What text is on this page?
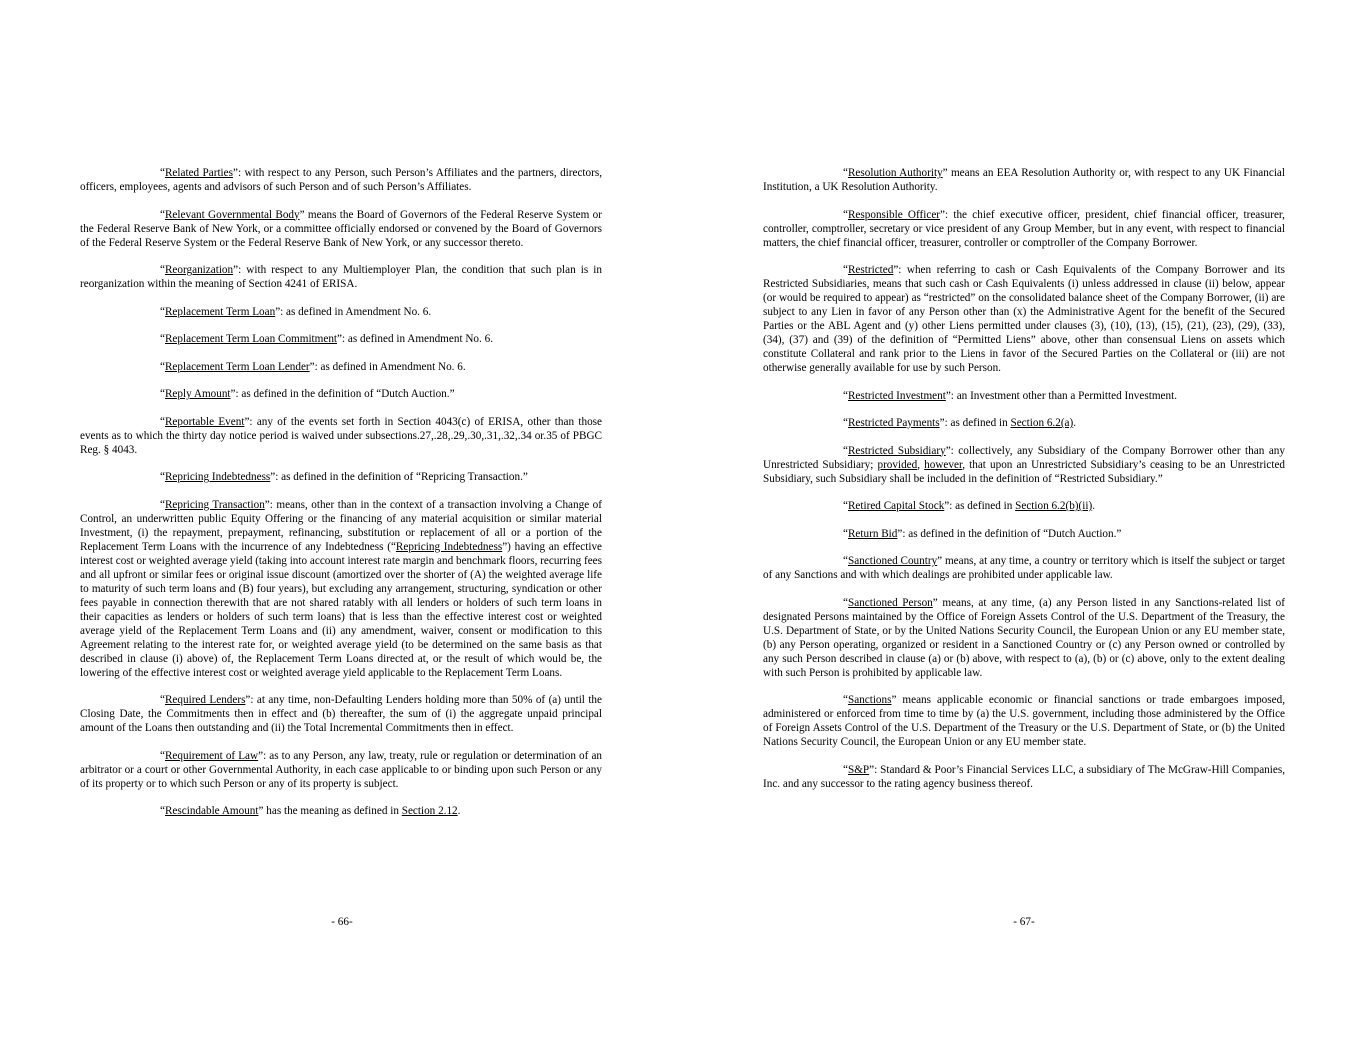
“Related Parties”: with respect to any Person, such Person’s Affiliates and the partners, directors, officers, employees, agents and advisors of such Person and of such Person’s Affiliates.

“Relevant Governmental Body” means the Board of Governors of the Federal Reserve System or the Federal Reserve Bank of New York, or a committee officially endorsed or convened by the Board of Governors of the Federal Reserve System or the Federal Reserve Bank of New York, or any successor thereto.

“Reorganization”: with respect to any Multiemployer Plan, the condition that such plan is in reorganization within the meaning of Section 4241 of ERISA.

“Replacement Term Loan”: as defined in Amendment No. 6.

“Replacement Term Loan Commitment”: as defined in Amendment No. 6.

“Replacement Term Loan Lender”: as defined in Amendment No. 6.

“Reply Amount”: as defined in the definition of “Dutch Auction.”

“Reportable Event”: any of the events set forth in Section 4043(c) of ERISA, other than those events as to which the thirty day notice period is waived under subsections.27,.28,.29,.30,.31,.32,.34 or.35 of PBGC Reg. § 4043.

“Repricing Indebtedness”: as defined in the definition of “Repricing Transaction.”

“Repricing Transaction”: means, other than in the context of a transaction involving a Change of Control, an underwritten public Equity Offering or the financing of any material acquisition or similar material Investment, (i) the repayment, prepayment, refinancing, substitution or replacement of all or a portion of the Replacement Term Loans with the incurrence of any Indebtedness (“Repricing Indebtedness”) having an effective interest cost or weighted average yield (taking into account interest rate margin and benchmark floors, recurring fees and all upfront or similar fees or original issue discount (amortized over the shorter of (A) the weighted average life to maturity of such term loans and (B) four years), but excluding any arrangement, structuring, syndication or other fees payable in connection therewith that are not shared ratably with all lenders or holders of such term loans in their capacities as lenders or holders of such term loans) that is less than the effective interest cost or weighted average yield of the Replacement Term Loans and (ii) any amendment, waiver, consent or modification to this Agreement relating to the interest rate for, or weighted average yield (to be determined on the same basis as that described in clause (i) above) of, the Replacement Term Loans directed at, or the result of which would be, the lowering of the effective interest cost or weighted average yield applicable to the Replacement Term Loans.

“Required Lenders”: at any time, non-Defaulting Lenders holding more than 50% of (a) until the Closing Date, the Commitments then in effect and (b) thereafter, the sum of (i) the aggregate unpaid principal amount of the Loans then outstanding and (ii) the Total Incremental Commitments then in effect.

“Requirement of Law”: as to any Person, any law, treaty, rule or regulation or determination of an arbitrator or a court or other Governmental Authority, in each case applicable to or binding upon such Person or any of its property or to which such Person or any of its property is subject.

“Rescindable Amount” has the meaning as defined in Section 2.12.

- 66-

“Resolution Authority” means an EEA Resolution Authority or, with respect to any UK Financial Institution, a UK Resolution Authority.

“Responsible Officer”: the chief executive officer, president, chief financial officer, treasurer, controller, comptroller, secretary or vice president of any Group Member, but in any event, with respect to financial matters, the chief financial officer, treasurer, controller or comptroller of the Company Borrower.

“Restricted”: when referring to cash or Cash Equivalents of the Company Borrower and its Restricted Subsidiaries, means that such cash or Cash Equivalents (i) unless addressed in clause (ii) below, appear (or would be required to appear) as “restricted” on the consolidated balance sheet of the Company Borrower, (ii) are subject to any Lien in favor of any Person other than (x) the Administrative Agent for the benefit of the Secured Parties or the ABL Agent and (y) other Liens permitted under clauses (3), (10), (13), (15), (21), (23), (29), (33), (34), (37) and (39) of the definition of “Permitted Liens” above, other than consensual Liens on assets which constitute Collateral and rank prior to the Liens in favor of the Secured Parties on the Collateral or (iii) are not otherwise generally available for use by such Person.

“Restricted Investment”: an Investment other than a Permitted Investment.

“Restricted Payments”: as defined in Section 6.2(a).

“Restricted Subsidiary”: collectively, any Subsidiary of the Company Borrower other than any Unrestricted Subsidiary; provided, however, that upon an Unrestricted Subsidiary’s ceasing to be an Unrestricted Subsidiary, such Subsidiary shall be included in the definition of “Restricted Subsidiary.”

“Retired Capital Stock”: as defined in Section 6.2(b)(ii).

“Return Bid”: as defined in the definition of “Dutch Auction.”

“Sanctioned Country” means, at any time, a country or territory which is itself the subject or target of any Sanctions and with which dealings are prohibited under applicable law.

“Sanctioned Person” means, at any time, (a) any Person listed in any Sanctions-related list of designated Persons maintained by the Office of Foreign Assets Control of the U.S. Department of the Treasury, the U.S. Department of State, or by the United Nations Security Council, the European Union or any EU member state, (b) any Person operating, organized or resident in a Sanctioned Country or (c) any Person owned or controlled by any such Person described in clause (a) or (b) above, with respect to (a), (b) or (c) above, only to the extent dealing with such Person is prohibited by applicable law.

“Sanctions” means applicable economic or financial sanctions or trade embargoes imposed, administered or enforced from time to time by (a) the U.S. government, including those administered by the Office of Foreign Assets Control of the U.S. Department of the Treasury or the U.S. Department of State, or (b) the United Nations Security Council, the European Union or any EU member state.

“S&P”: Standard & Poor’s Financial Services LLC, a subsidiary of The McGraw-Hill Companies, Inc. and any successor to the rating agency business thereof.

- 67-
